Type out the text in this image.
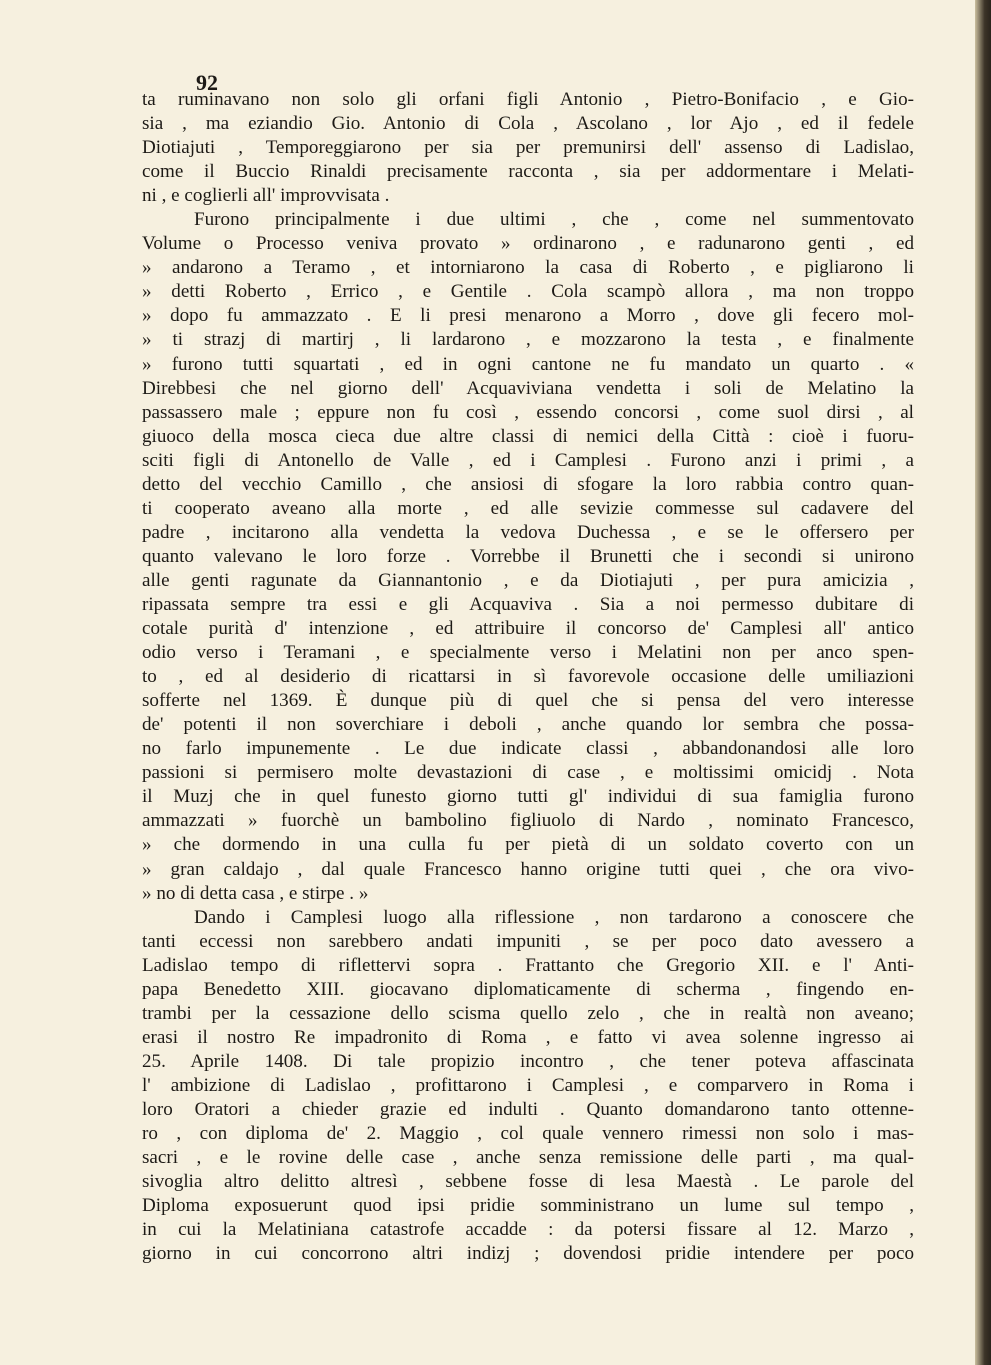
92
ta ruminavano non solo gli orfani figli Antonio , Pietro-Bonifacio , e Gio-
sia , ma eziandio Gio. Antonio di Cola , Ascolano , lor Ajo , ed il fedele
Diotiajuti , Temporeggiarono per sia per premunirsi dell' assenso di Ladislao,
come il Buccio Rinaldi precisamente racconta , sia per addormentare i Melati-
ni , e coglierli all' improvvisata .
Furono principalmente i due ultimi , che , come nel summentovato
Volume o Processo veniva provato » ordinarono , e radunarono genti , ed
» andarono a Teramo , et intorniarono la casa di Roberto , e pigliarono li
» detti Roberto , Errico , e Gentile . Cola scampò allora , ma non troppo
» dopo fu ammazzato . E li presi menarono a Morro , dove gli fecero mol-
» ti strazj di martirj , li lardarono , e mozzarono la testa , e finalmente
» furono tutti squartati , ed in ogni cantone ne fu mandato un quarto . «
Direbbesi che nel giorno dell' Acquaviviana vendetta i soli de Melatino la
passassero male ; eppure non fu così , essendo concorsi , come suol dirsi , al
giuoco della mosca cieca due altre classi di nemici della Città : cioè i fuoru-
sciti figli di Antonello de Valle , ed i Camplesi . Furono anzi i primi , a
detto del vecchio Camillo , che ansiosi di sfogare la loro rabbia contro quan-
ti cooperato aveano alla morte , ed alle sevizie commesse sul cadavere del
padre , incitarono alla vendetta la vedova Duchessa , e se le offersero per
quanto valevano le loro forze . Vorrebbe il Brunetti che i secondi si unirono
alle genti ragunate da Giannantonio , e da Diotiajuti , per pura amicizia ,
ripassata sempre tra essi e gli Acquaviva . Sia a noi permesso dubitare di
cotale purità d' intenzione , ed attribuire il concorso de' Camplesi all' antico
odio verso i Teramani , e specialmente verso i Melatini non per anco spen-
to , ed al desiderio di ricattarsi in sì favorevole occasione delle umiliazioni
sofferte nel 1369. È dunque più di quel che si pensa del vero interesse
de' potenti il non soverchiare i deboli , anche quando lor sembra che possa-
no farlo impunemente . Le due indicate classi , abbandonandosi alle loro
passioni si permisero molte devastazioni di case , e moltissimi omicidj . Nota
il Muzj che in quel funesto giorno tutti gl' individui di sua famiglia furono
ammazzati » fuorchè un bambolino figliuolo di Nardo , nominato Francesco,
» che dormendo in una culla fu per pietà di un soldato coverto con un
» gran caldajo , dal quale Francesco hanno origine tutti quei , che ora vivo-
» no di detta casa , e stirpe . »
Dando i Camplesi luogo alla riflessione , non tardarono a conoscere che
tanti eccessi non sarebbero andati impuniti , se per poco dato avessero a
Ladislao tempo di riflettervi sopra . Frattanto che Gregorio XII. e l' Anti-
papa Benedetto XIII. giocavano diplomaticamente di scherma , fingendo en-
trambi per la cessazione dello scisma quello zelo , che in realtà non aveano;
erasi il nostro Re impadronito di Roma , e fatto vi avea solenne ingresso ai
25. Aprile 1408. Di tale propizio incontro , che tener poteva affascinata
l' ambizione di Ladislao , profittarono i Camplesi , e comparvero in Roma i
loro Oratori a chieder grazie ed indulti . Quanto domandarono tanto ottenne-
ro , con diploma de' 2. Maggio , col quale vennero rimessi non solo i mas-
sacri , e le rovine delle case , anche senza remissione delle parti , ma qual-
sivoglia altro delitto altresì , sebbene fosse di lesa Maestà . Le parole del
Diploma exposuerunt quod ipsi pridie somministrano un lume sul tempo ,
in cui la Melatiniana catastrofe accadde : da potersi fissare al 12. Marzo ,
giorno in cui concorrono altri indizj ; dovendosi pridie intendere per poco
